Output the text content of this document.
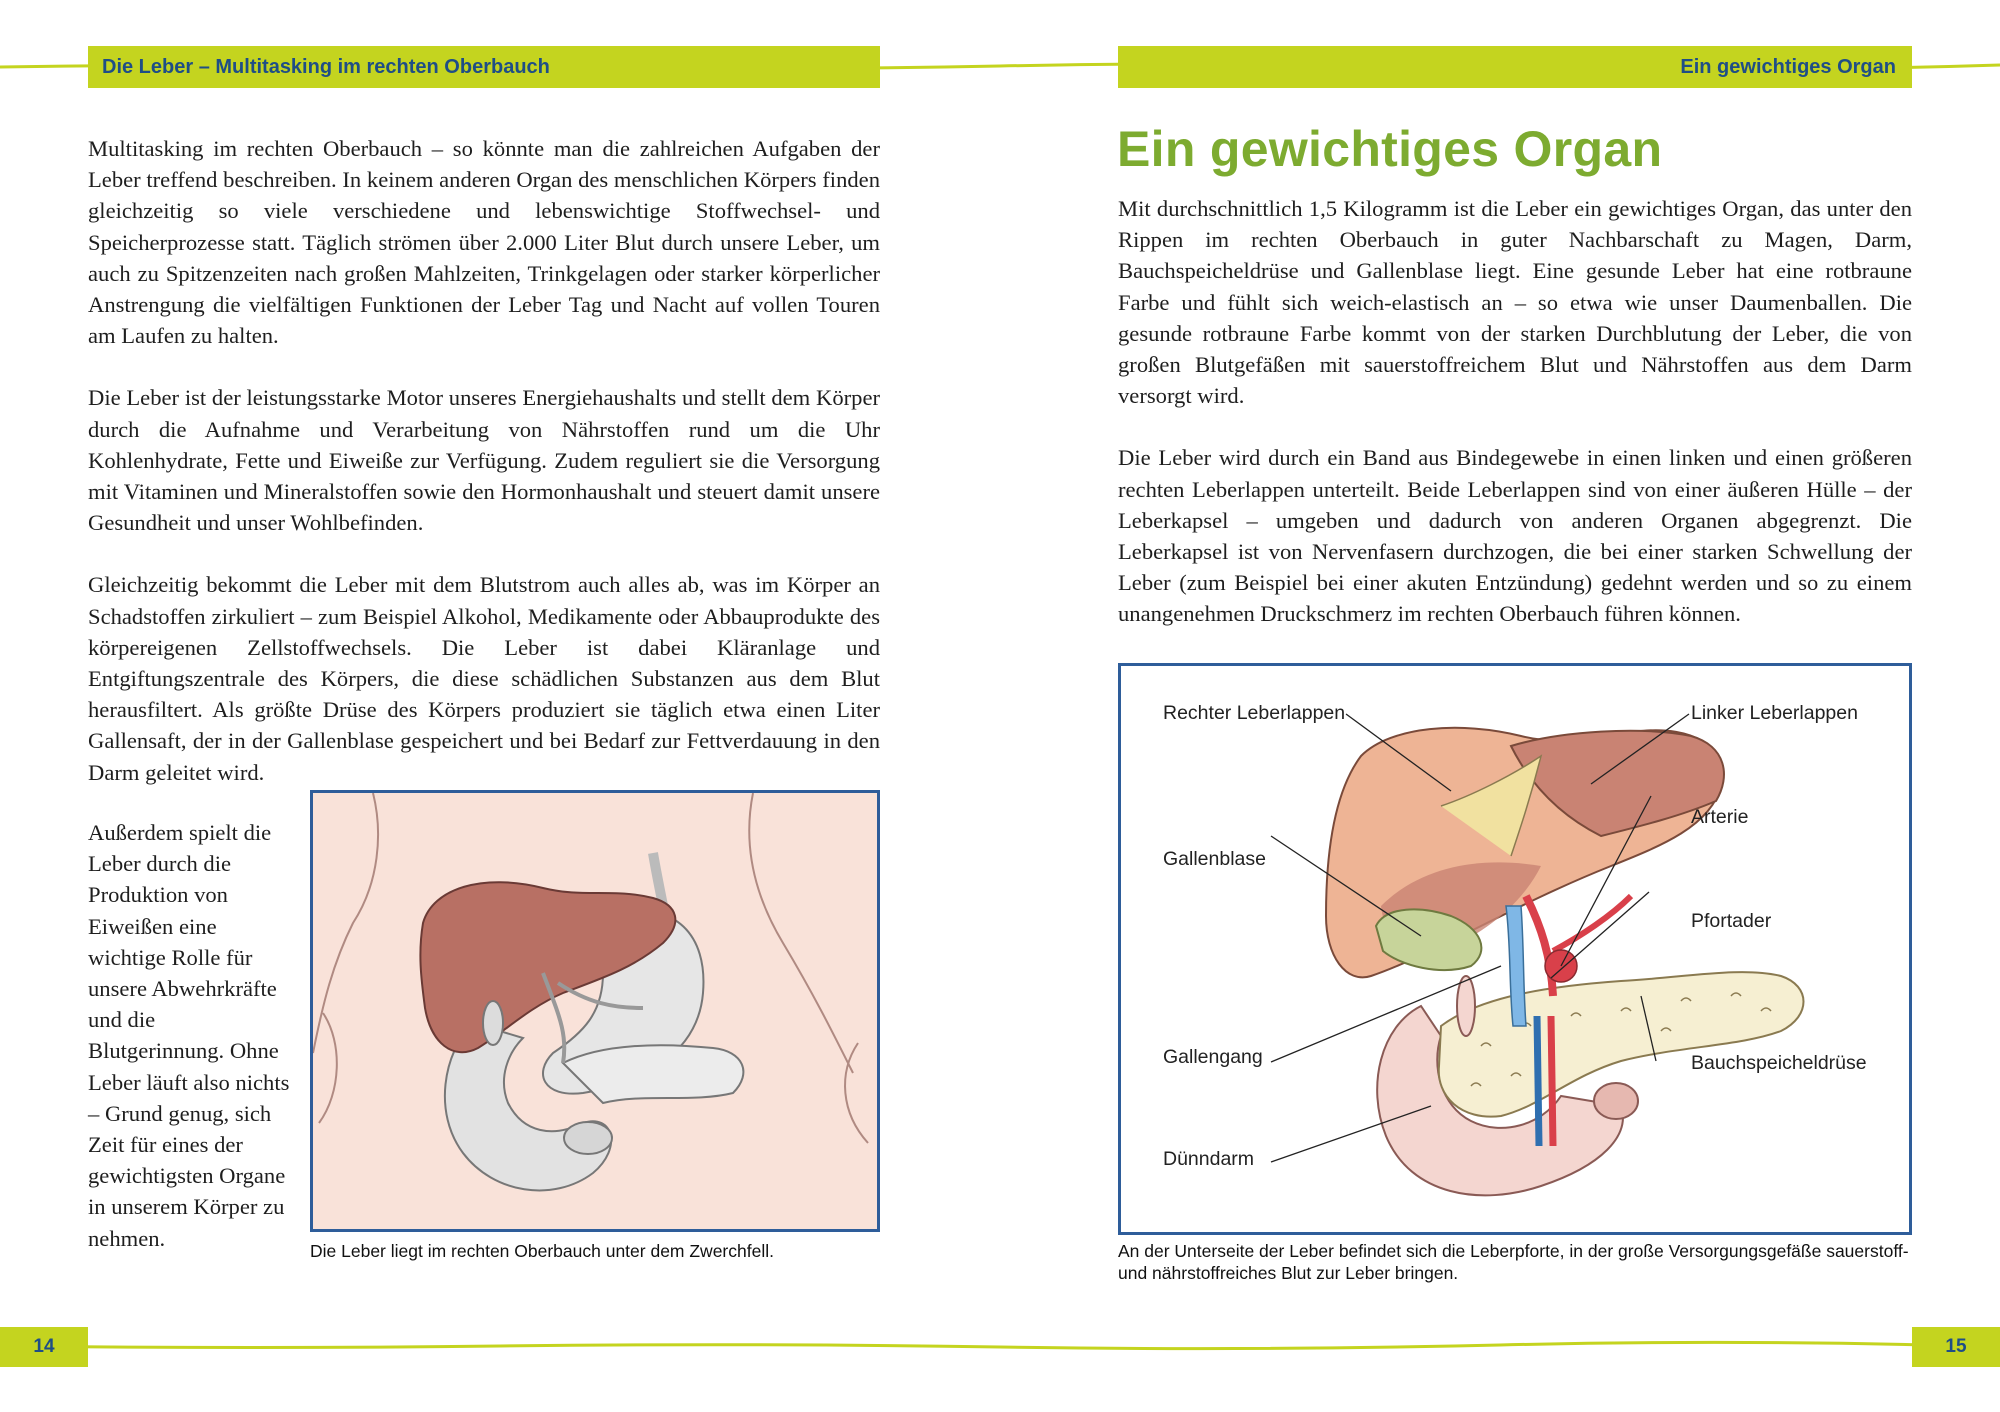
Die Leber – Multitasking im rechten Oberbauch	Ein gewichtiges Organ

Multitasking im rechten Oberbauch – so könnte man die zahlreichen Aufgaben der Leber treffend beschreiben. In keinem anderen Organ des menschlichen Körpers finden gleichzeitig so viele verschiedene und lebenswichtige Stoffwechsel- und Speicherprozesse statt. Täglich strömen über 2.000 Liter Blut durch unsere Leber, um auch zu Spitzenzeiten nach großen Mahlzeiten, Trinkgelagen oder starker körperlicher Anstrengung die vielfältigen Funktionen der Leber Tag und Nacht auf vollen Touren am Laufen zu halten.

Die Leber ist der leistungsstarke Motor unseres Energiehaushalts und stellt dem Körper durch die Aufnahme und Verarbeitung von Nährstoffen rund um die Uhr Kohlenhydrate, Fette und Eiweiße zur Verfügung. Zudem reguliert sie die Versorgung mit Vitaminen und Mineralstoffen sowie den Hormonhaushalt und steuert damit unsere Gesundheit und unser Wohlbefinden.

Gleichzeitig bekommt die Leber mit dem Blutstrom auch alles ab, was im Körper an Schadstoffen zirkuliert – zum Beispiel Alkohol, Medikamente oder Abbauprodukte des körpereigenen Zellstoffwechsels. Die Leber ist dabei Kläranlage und Entgiftungszentrale des Körpers, die diese schädlichen Substanzen aus dem Blut herausfiltert. Als größte Drüse des Körpers produziert sie täglich etwa einen Liter Gallensaft, der in der Gallenblase gespeichert und bei Bedarf zur Fettverdauung in den Darm geleitet wird.

Außerdem spielt die Leber durch die Produktion von Eiweißen eine wichtige Rolle für unsere Abwehrkräfte und die Blutgerinnung. Ohne Leber läuft also nichts – Grund genug, sich Zeit für eines der gewichtigsten Organe in unserem Körper zu nehmen.

Die Leber liegt im rechten Oberbauch unter dem Zwerchfell.
Ein gewichtiges Organ

Mit durchschnittlich 1,5 Kilogramm ist die Leber ein gewichtiges Organ, das unter den Rippen im rechten Oberbauch in guter Nachbarschaft zu Magen, Darm, Bauchspeicheldrüse und Gallenblase liegt. Eine gesunde Leber hat eine rotbraune Farbe und fühlt sich weich-elastisch an – so etwa wie unser Daumenballen. Die gesunde rotbraune Farbe kommt von der starken Durchblutung der Leber, die von großen Blutgefäßen mit sauerstoffreichem Blut und Nährstoffen aus dem Darm versorgt wird.

Die Leber wird durch ein Band aus Bindegewebe in einen linken und einen größeren rechten Leberlappen unterteilt. Beide Leberlappen sind von einer äußeren Hülle – der Leberkapsel – umgeben und dadurch von anderen Organen abgegrenzt. Die Leberkapsel ist von Nervenfasern durchzogen, die bei einer starken Schwellung der Leber (zum Beispiel bei einer akuten Entzündung) gedehnt werden und so zu einem unangenehmen Druckschmerz im rechten Oberbauch führen können.

Rechter Leberlappen	Linker Leberlappen
Arterie
Gallenblase
Pfortader
Gallengang	Bauchspeicheldrüse
Dünndarm
An der Unterseite der Leber befindet sich die Leberpforte, in der große Versorgungsgefäße sauerstoff- und nährstoffreiches Blut zur Leber bringen.
14	15
